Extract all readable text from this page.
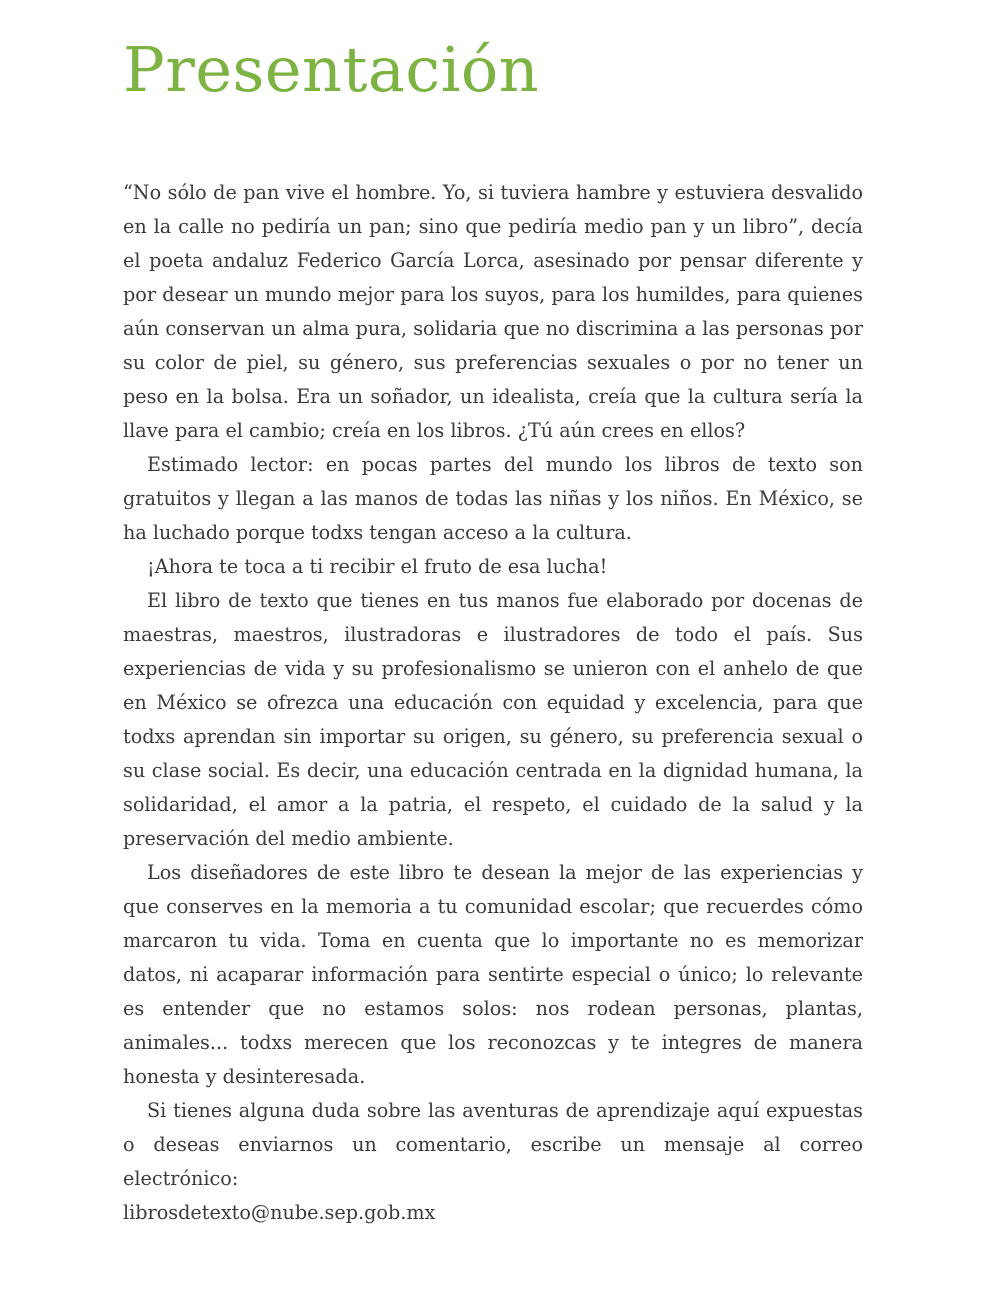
Presentación

“No sólo de pan vive el hombre. Yo, si tuviera hambre y estuviera desvalido en la calle no pediría un pan; sino que pediría medio pan y un libro”, decía el poeta andaluz Federico García Lorca, asesinado por pensar diferente y por desear un mundo mejor para los suyos, para los humildes, para quienes aún conservan un alma pura, solidaria que no discrimina a las personas por su color de piel, su género, sus preferencias sexuales o por no tener un peso en la bolsa. Era un soñador, un idealista, creía que la cultura sería la llave para el cambio; creía en los libros. ¿Tú aún crees en ellos?

Estimado lector: en pocas partes del mundo los libros de texto son gratuitos y llegan a las manos de todas las niñas y los niños. En México, se ha luchado porque todxs tengan acceso a la cultura.

¡Ahora te toca a ti recibir el fruto de esa lucha!

El libro de texto que tienes en tus manos fue elaborado por docenas de maestras, maestros, ilustradoras e ilustradores de todo el país. Sus experiencias de vida y su profesionalismo se unieron con el anhelo de que en México se ofrezca una educación con equidad y excelencia, para que todxs aprendan sin importar su origen, su género, su preferencia sexual o su clase social. Es decir, una educación centrada en la dignidad humana, la solidaridad, el amor a la patria, el respeto, el cuidado de la salud y la preservación del medio ambiente.

Los diseñadores de este libro te desean la mejor de las experiencias y que conserves en la memoria a tu comunidad escolar; que recuerdes cómo marcaron tu vida. Toma en cuenta que lo importante no es memorizar datos, ni acaparar información para sentirte especial o único; lo relevante es entender que no estamos solos: nos rodean personas, plantas, animales... todxs merecen que los reconozcas y te integres de manera honesta y desinteresada.

Si tienes alguna duda sobre las aventuras de aprendizaje aquí expuestas o deseas enviarnos un comentario, escribe un mensaje al correo electrónico:

librosdetexto@nube.sep.gob.mx
